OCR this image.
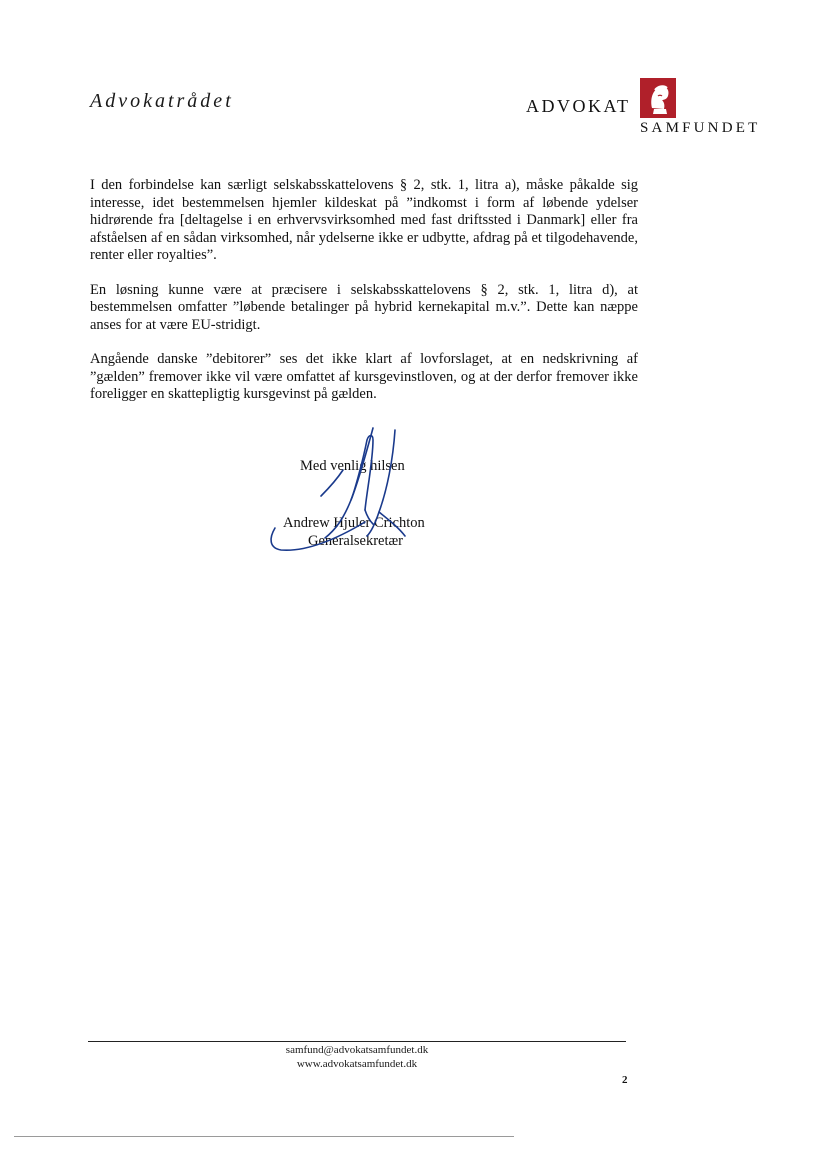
Advokatrådet	ADVOKAT
SAMFUNDET

I den forbindelse kan særligt selskabsskattelovens § 2, stk. 1, litra a), måske påkalde sig interesse, idet bestemmelsen hjemler kildeskat på ”indkomst i form af løbende ydelser hidrørende fra [deltagelse i en erhvervsvirksomhed med fast driftssted i Danmark] eller fra afståelsen af en sådan virksomhed, når ydelserne ikke er udbytte, afdrag på et tilgodehavende, renter eller royalties”.

En løsning kunne være at præcisere i selskabsskattelovens § 2, stk. 1, litra d), at bestemmelsen omfatter ”løbende betalinger på hybrid kernekapital m.v.”. Dette kan næppe anses for at være EU-stridigt.

Angående danske ”debitorer” ses det ikke klart af lovforslaget, at en nedskrivning af ”gælden” fremover ikke vil være omfattet af kursgevinstloven, og at der derfor fremover ikke foreligger en skattepligtig kursgevinst på gælden.

Med venlig hilsen
Andrew Hjuler Crichton
Generalsekretær
samfund@advokatsamfundet.dk
www.advokatsamfundet.dk
2
